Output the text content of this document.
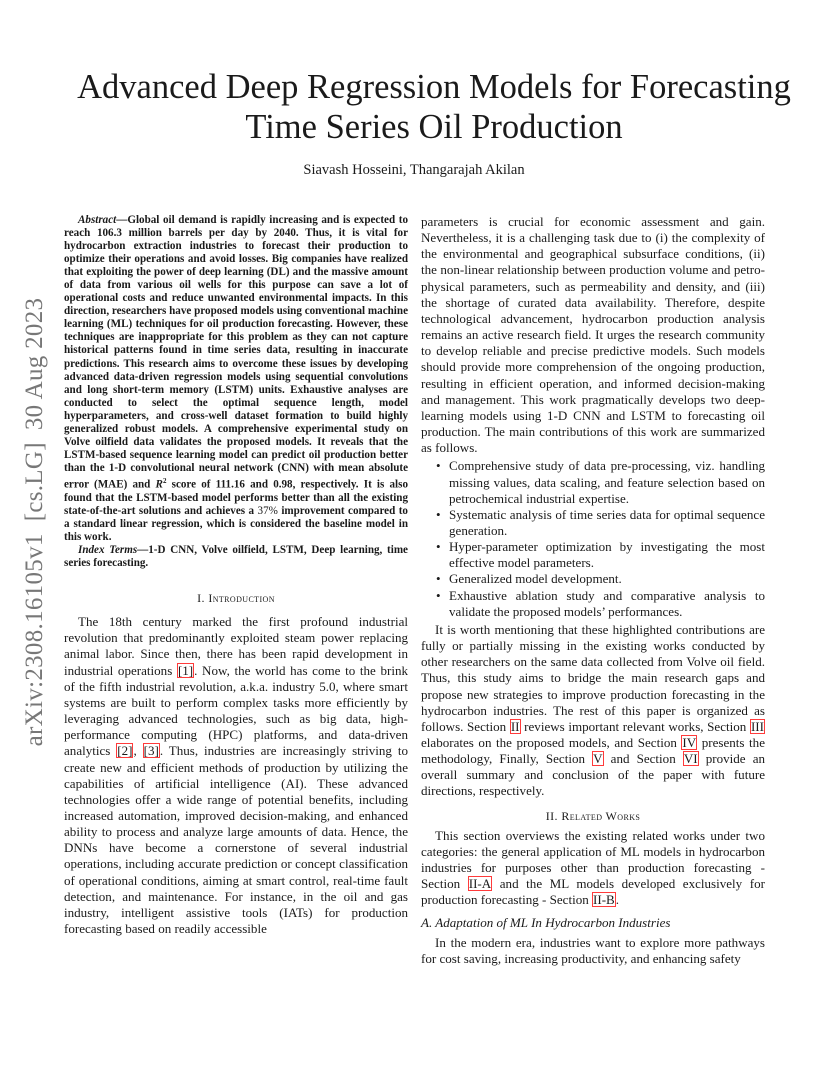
arXiv:2308.16105v1[cs.LG]30 Aug 2023
Advanced Deep Regression Models for Forecasting
Time Series Oil Production

Siavash Hosseini, Thangarajah Akilan

Abstract—Global oil demand is rapidly increasing and is expected to reach 106.3 million barrels per day by 2040. Thus, it is vital for hydrocarbon extraction industries to forecast their production to optimize their operations and avoid losses. Big companies have realized that exploiting the power of deep learning (DL) and the massive amount of data from various oil wells for this purpose can save a lot of operational costs and reduce unwanted environmental impacts. In this direction, researchers have proposed models using conventional machine learning (ML) techniques for oil production forecasting. However, these techniques are inappropriate for this problem as they can not capture historical patterns found in time series data, resulting in inaccurate predictions. This research aims to overcome these issues by developing advanced data-driven regression models using sequential convolutions and long short-term memory (LSTM) units. Exhaustive analyses are conducted to select the optimal sequence length, model hyperparameters, and cross-well dataset formation to build highly generalized robust models. A comprehensive experimental study on Volve oilfield data validates the proposed models. It reveals that the LSTM-based sequence learning model can predict oil production better than the 1-D convolutional neural network (CNN) with mean absolute error (MAE) and $R^2$ score of 111.16 and 0.98, respectively. It is also found that the LSTM-based model performs better than all the existing state-of-the-art solutions and achieves a 37% improvement compared to a standard linear regression, which is considered the baseline model in this work.

Index Terms—1-D CNN, Volve oilfield, LSTM, Deep learning, time series forecasting.

I. Introduction

The 18th century marked the first profound industrial revolution that predominantly exploited steam power replacing animal labor. Since then, there has been rapid development in industrial operations [1]. Now, the world has come to the brink of the fifth industrial revolution, a.k.a. industry 5.0, where smart systems are built to perform complex tasks more efficiently by leveraging advanced technologies, such as big data, high-performance computing (HPC) platforms, and data-driven analytics [2], [3]. Thus, industries are increasingly striving to create new and efficient methods of production by utilizing the capabilities of artificial intelligence (AI). These advanced technologies offer a wide range of potential benefits, including increased automation, improved decision-making, and enhanced ability to process and analyze large amounts of data. Hence, the DNNs have become a cornerstone of several industrial operations, including accurate prediction or concept classification of operational conditions, aiming at smart control, real-time fault detection, and maintenance. For instance, in the oil and gas industry, intelligent assistive tools (IATs) for production forecasting based on readily accessible

parameters is crucial for economic assessment and gain. Nevertheless, it is a challenging task due to (i) the complexity of the environmental and geographical subsurface conditions, (ii) the non-linear relationship between production volume and petro-physical parameters, such as permeability and density, and (iii) the shortage of curated data availability. Therefore, despite technological advancement, hydrocarbon production analysis remains an active research field. It urges the research community to develop reliable and precise predictive models. Such models should provide more comprehension of the ongoing production, resulting in efficient operation, and informed decision-making and management. This work pragmatically develops two deep-learning models using 1-D CNN and LSTM to forecasting oil production. The main contributions of this work are summarized as follows.

• Comprehensive study of data pre-processing, viz. handling missing values, data scaling, and feature selection based on petrochemical industrial expertise.
• Systematic analysis of time series data for optimal sequence generation.
• Hyper-parameter optimization by investigating the most effective model parameters.
• Generalized model development.
• Exhaustive ablation study and comparative analysis to validate the proposed models’ performances.

It is worth mentioning that these highlighted contributions are fully or partially missing in the existing works conducted by other researchers on the same data collected from Volve oil field. Thus, this study aims to bridge the main research gaps and propose new strategies to improve production forecasting in the hydrocarbon industries. The rest of this paper is organized as follows. Section II reviews important relevant works, Section III elaborates on the proposed models, and Section IV presents the methodology, Finally, Section V and Section VI provide an overall summary and conclusion of the paper with future directions, respectively.

II. Related Works

This section overviews the existing related works under two categories: the general application of ML models in hydrocarbon industries for purposes other than production forecasting - Section II-A and the ML models developed exclusively for production forecasting - Section II-B.

A. Adaptation of ML In Hydrocarbon Industries

In the modern era, industries want to explore more pathways for cost saving, increasing productivity, and enhancing safety
